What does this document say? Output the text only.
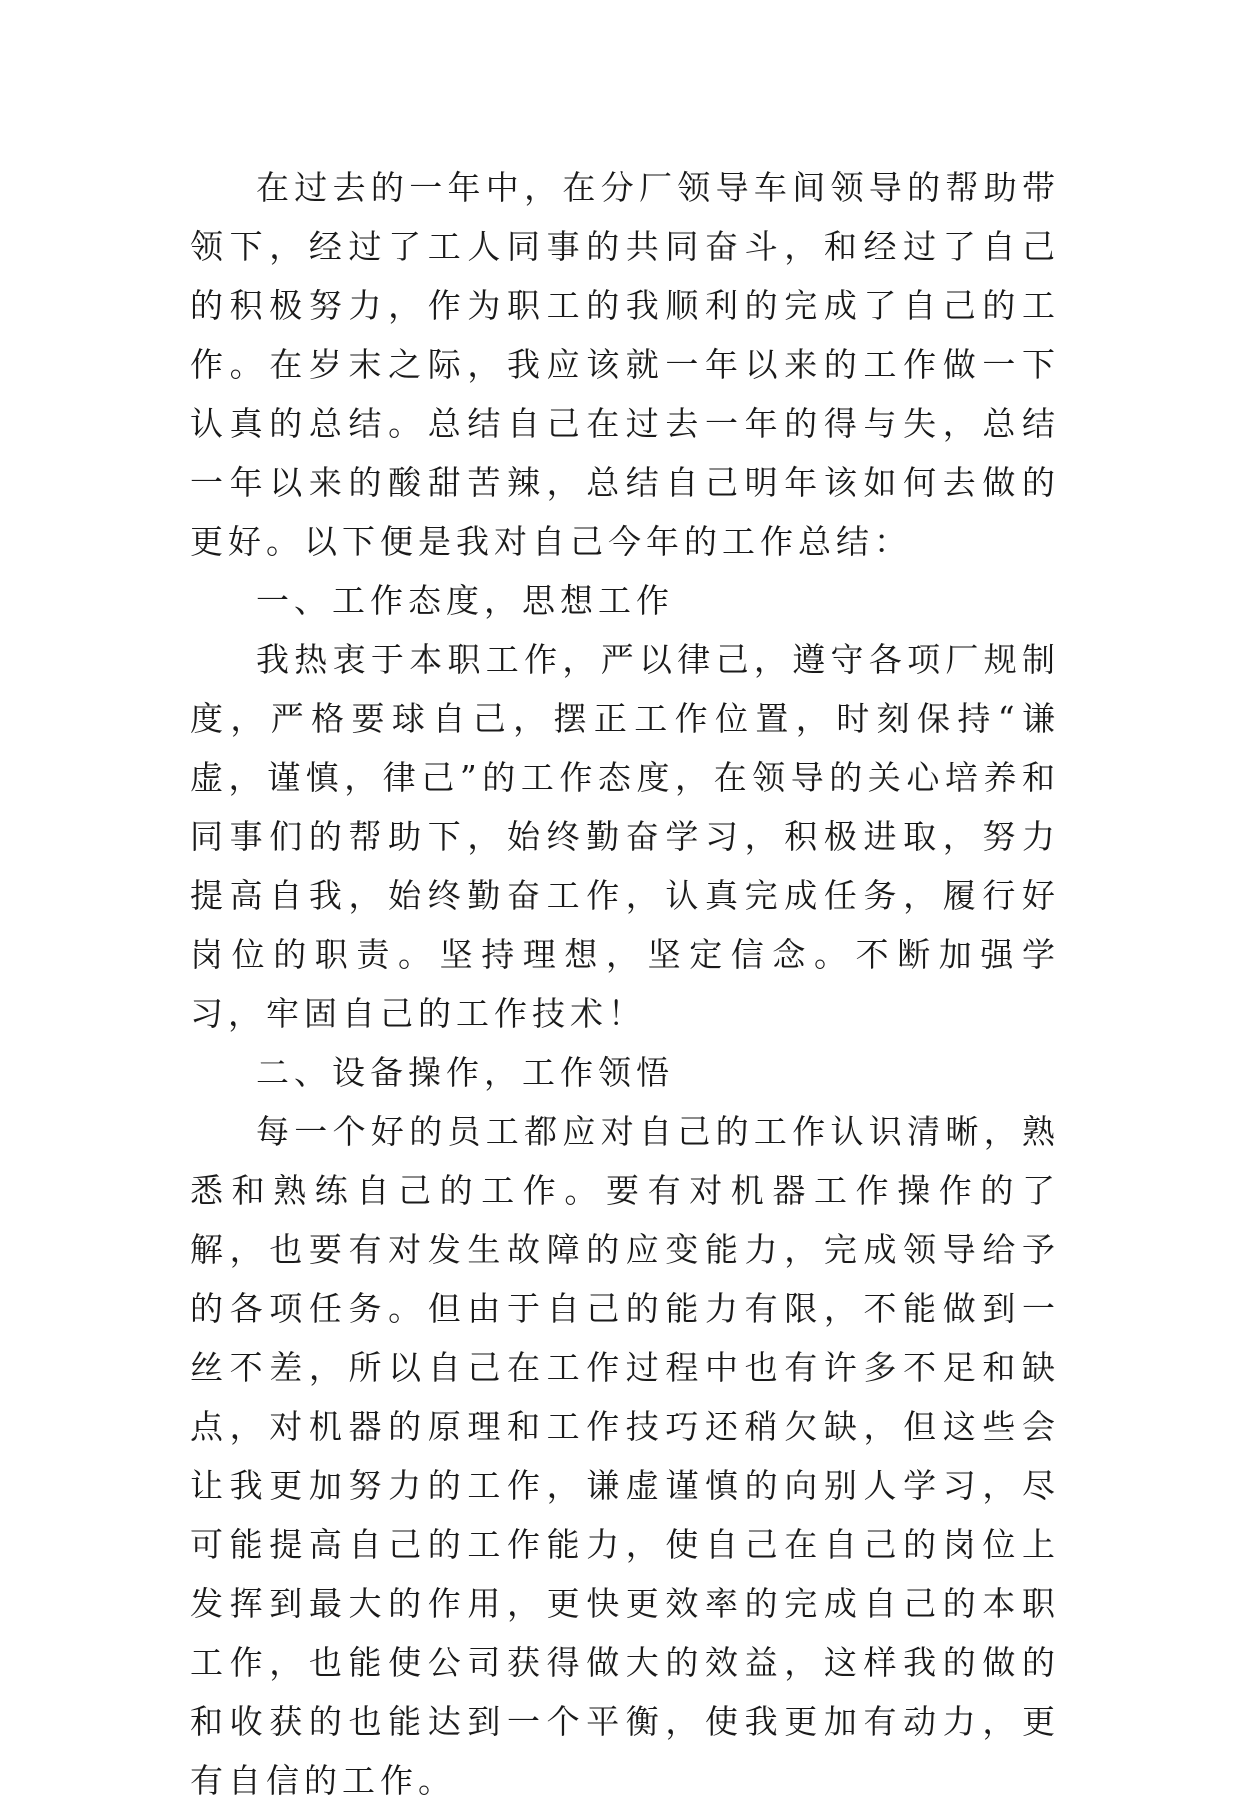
在过去的一年中，在分厂领导车间领导的帮助带领下，经过了工人同事的共同奋斗，和经过了自己的积极努力，作为职工的我顺利的完成了自己的工作。在岁末之际，我应该就一年以来的工作做一下认真的总结。总结自己在过去一年的得与失，总结一年以来的酸甜苦辣，总结自己明年该如何去做的更好。以下便是我对自己今年的工作总结：

一、工作态度，思想工作

我热衷于本职工作，严以律己，遵守各项厂规制度，严格要球自己，摆正工作位置，时刻保持“谦虚，谨慎，律己”的工作态度，在领导的关心培养和同事们的帮助下，始终勤奋学习，积极进取，努力提高自我，始终勤奋工作，认真完成任务，履行好岗位的职责。坚持理想，坚定信念。不断加强学习，牢固自己的工作技术！

二、设备操作，工作领悟

每一个好的员工都应对自己的工作认识清晰，熟悉和熟练自己的工作。要有对机器工作操作的了解，也要有对发生故障的应变能力，完成领导给予的各项任务。但由于自己的能力有限，不能做到一丝不差，所以自己在工作过程中也有许多不足和缺点，对机器的原理和工作技巧还稍欠缺，但这些会让我更加努力的工作，谦虚谨慎的向别人学习，尽可能提高自己的工作能力，使自己在自己的岗位上发挥到最大的作用，更快更效率的完成自己的本职工作，也能使公司获得做大的效益，这样我的做的和收获的也能达到一个平衡，使我更加有动力，更有自信的工作。
